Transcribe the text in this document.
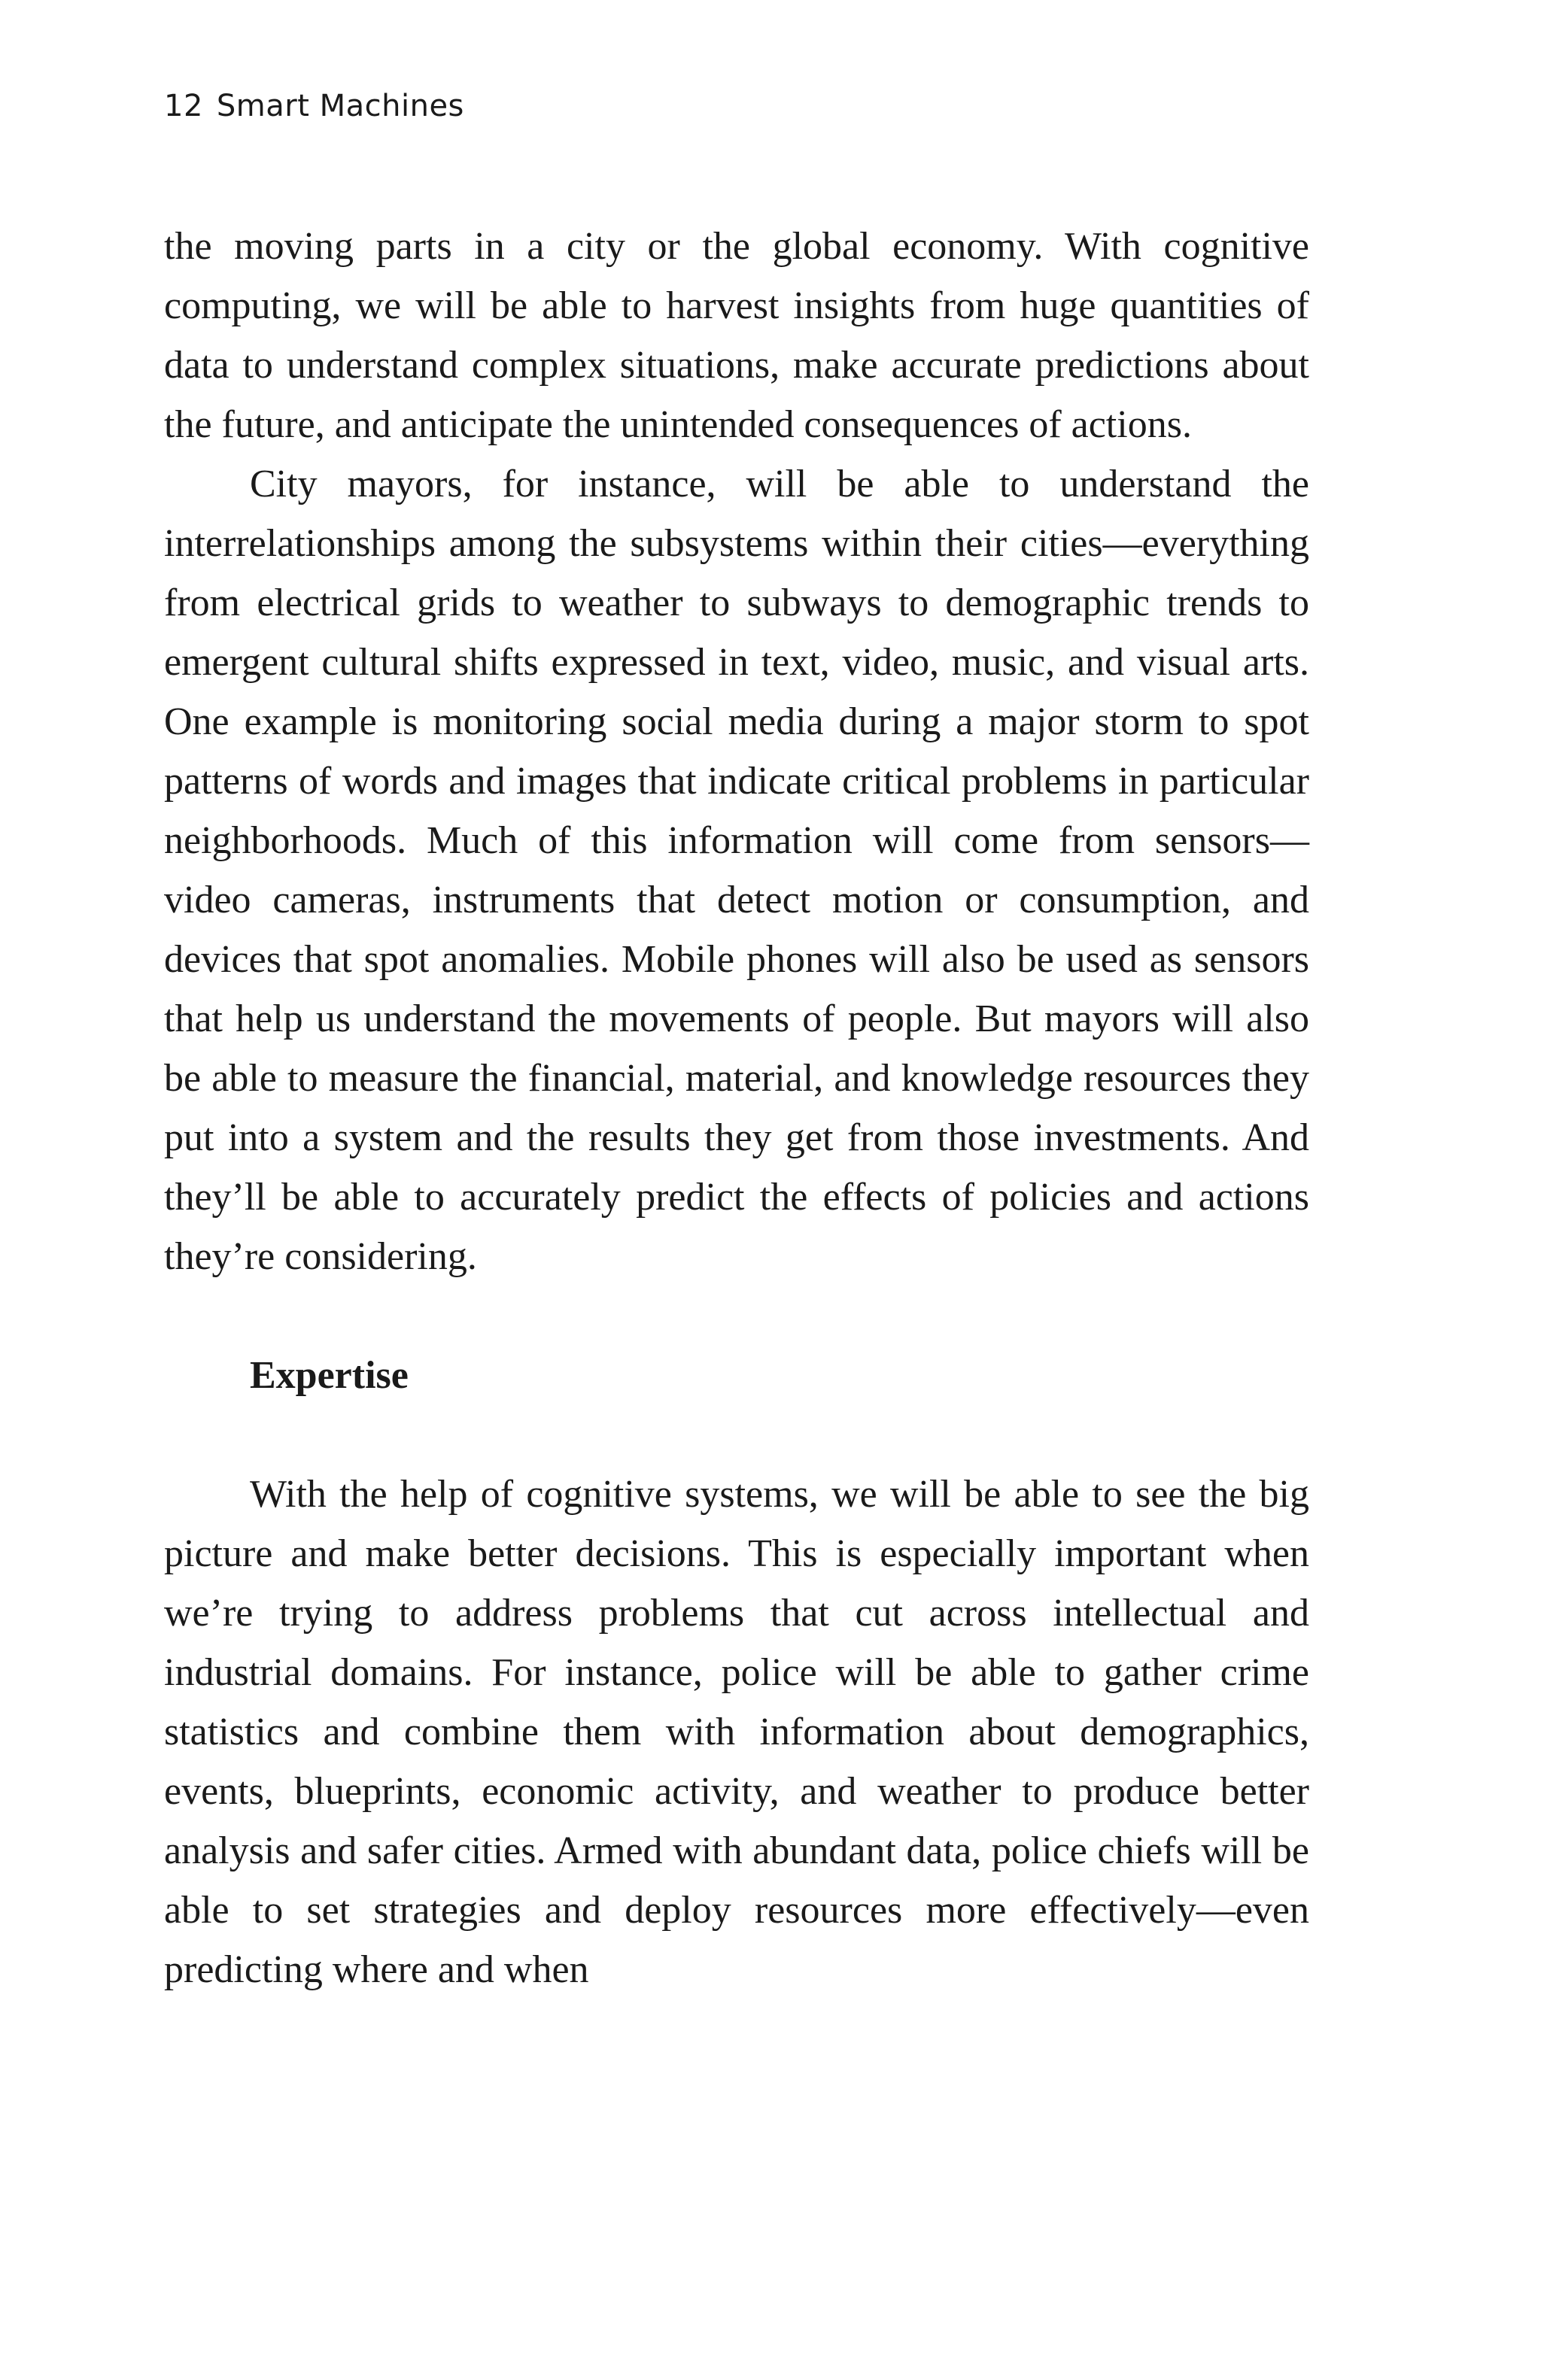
12 Smart Machines

the moving parts in a city or the global economy. With cognitive computing, we will be able to harvest insights from huge quantities of data to understand complex situations, make accurate predictions about the future, and anticipate the unintended consequences of actions.

City mayors, for instance, will be able to understand the interrelationships among the subsystems within their cities—everything from electrical grids to weather to subways to demographic trends to emergent cultural shifts expressed in text, video, music, and visual arts. One example is monitoring social media during a major storm to spot patterns of words and images that indicate critical problems in particular neighborhoods. Much of this information will come from sensors—video cameras, instruments that detect motion or consumption, and devices that spot anomalies. Mobile phones will also be used as sensors that help us understand the movements of people. But mayors will also be able to measure the financial, material, and knowledge resources they put into a system and the results they get from those investments. And they’ll be able to accurately predict the effects of policies and actions they’re considering.

Expertise

With the help of cognitive systems, we will be able to see the big picture and make better decisions. This is especially important when we’re trying to address problems that cut across intellectual and industrial domains. For instance, police will be able to gather crime statistics and combine them with information about demographics, events, blueprints, economic activity, and weather to produce better analysis and safer cities. Armed with abundant data, police chiefs will be able to set strategies and deploy resources more effectively—even predicting where and when
